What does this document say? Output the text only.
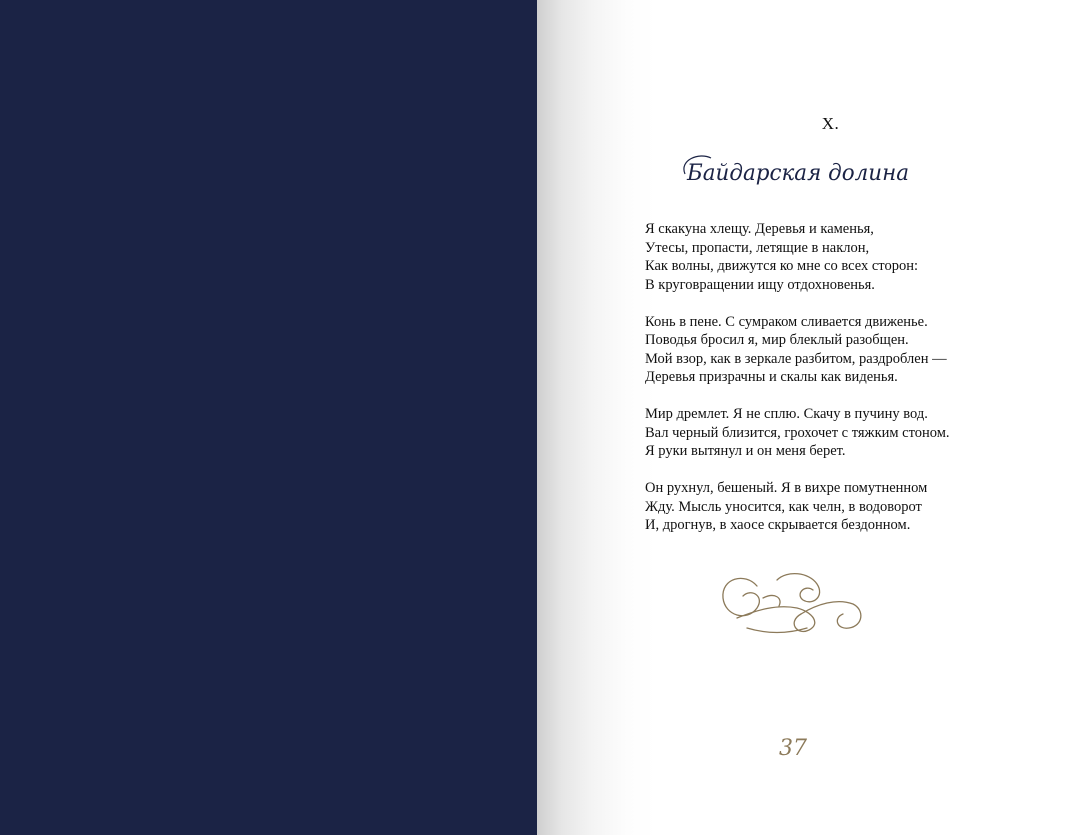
X.
Байдарская долина
Я скакуна хлещу. Деревья и каменья,
Утесы, пропасти, летящие в наклон,
Как волны, движутся ко мне со всех сторон:
В круговращении ищу отдохновенья.
Конь в пене. С сумраком сливается движенье.
Поводья бросил я, мир блеклый разобщен.
Мой взор, как в зеркале разбитом, раздроблен —
Деревья призрачны и скалы как виденья.
Мир дремлет. Я не сплю. Скачу в пучину вод.
Вал черный близится, грохочет с тяжким стоном.
Я руки вытянул и он меня берет.
Он рухнул, бешеный. Я в вихре помутненном
Жду. Мысль уносится, как челн, в водоворот
И, дрогнув, в хаосе скрывается бездонном.
37
